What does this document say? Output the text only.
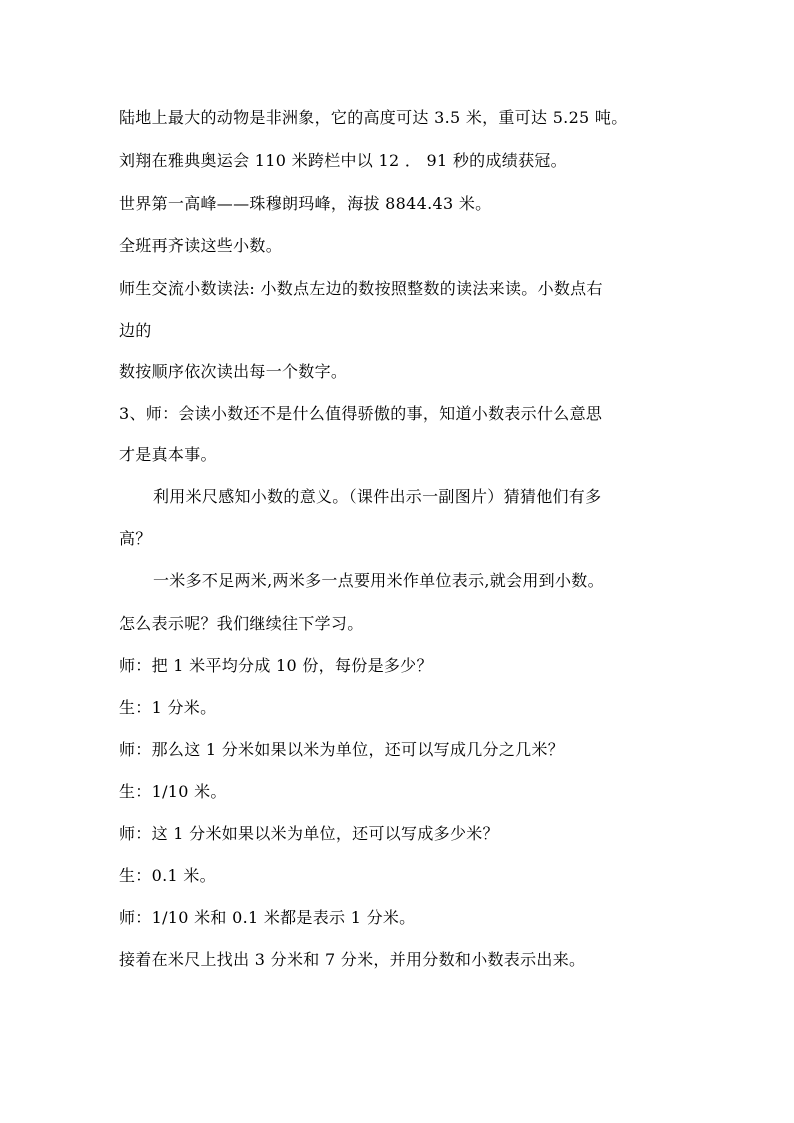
陆地上最大的动物是非洲象，它的高度可达 3.5 米，重可达 5.25 吨。
刘翔在雅典奥运会 110 米跨栏中以 12 ． 91 秒的成绩获冠。
世界第一高峰——珠穆朗玛峰，海拔 8844.43 米。
全班再齐读这些小数。
师生交流小数读法: 小数点左边的数按照整数的读法来读。小数点右
边的
数按顺序依次读出每一个数字。
3、师：会读小数还不是什么值得骄傲的事，知道小数表示什么意思
才是真本事。
利用米尺感知小数的意义。（课件出示一副图片）猜猜他们有多
高？
一米多不足两米,两米多一点要用米作单位表示,就会用到小数。
怎么表示呢？我们继续往下学习。
师：把 1 米平均分成 10 份，每份是多少？
生：1 分米。
师：那么这 1 分米如果以米为单位，还可以写成几分之几米？
生：1/10 米。
师：这 1 分米如果以米为单位，还可以写成多少米？
生：0.1 米。
师：1/10 米和 0.1 米都是表示 1 分米。
接着在米尺上找出 3 分米和 7 分米，并用分数和小数表示出来。
